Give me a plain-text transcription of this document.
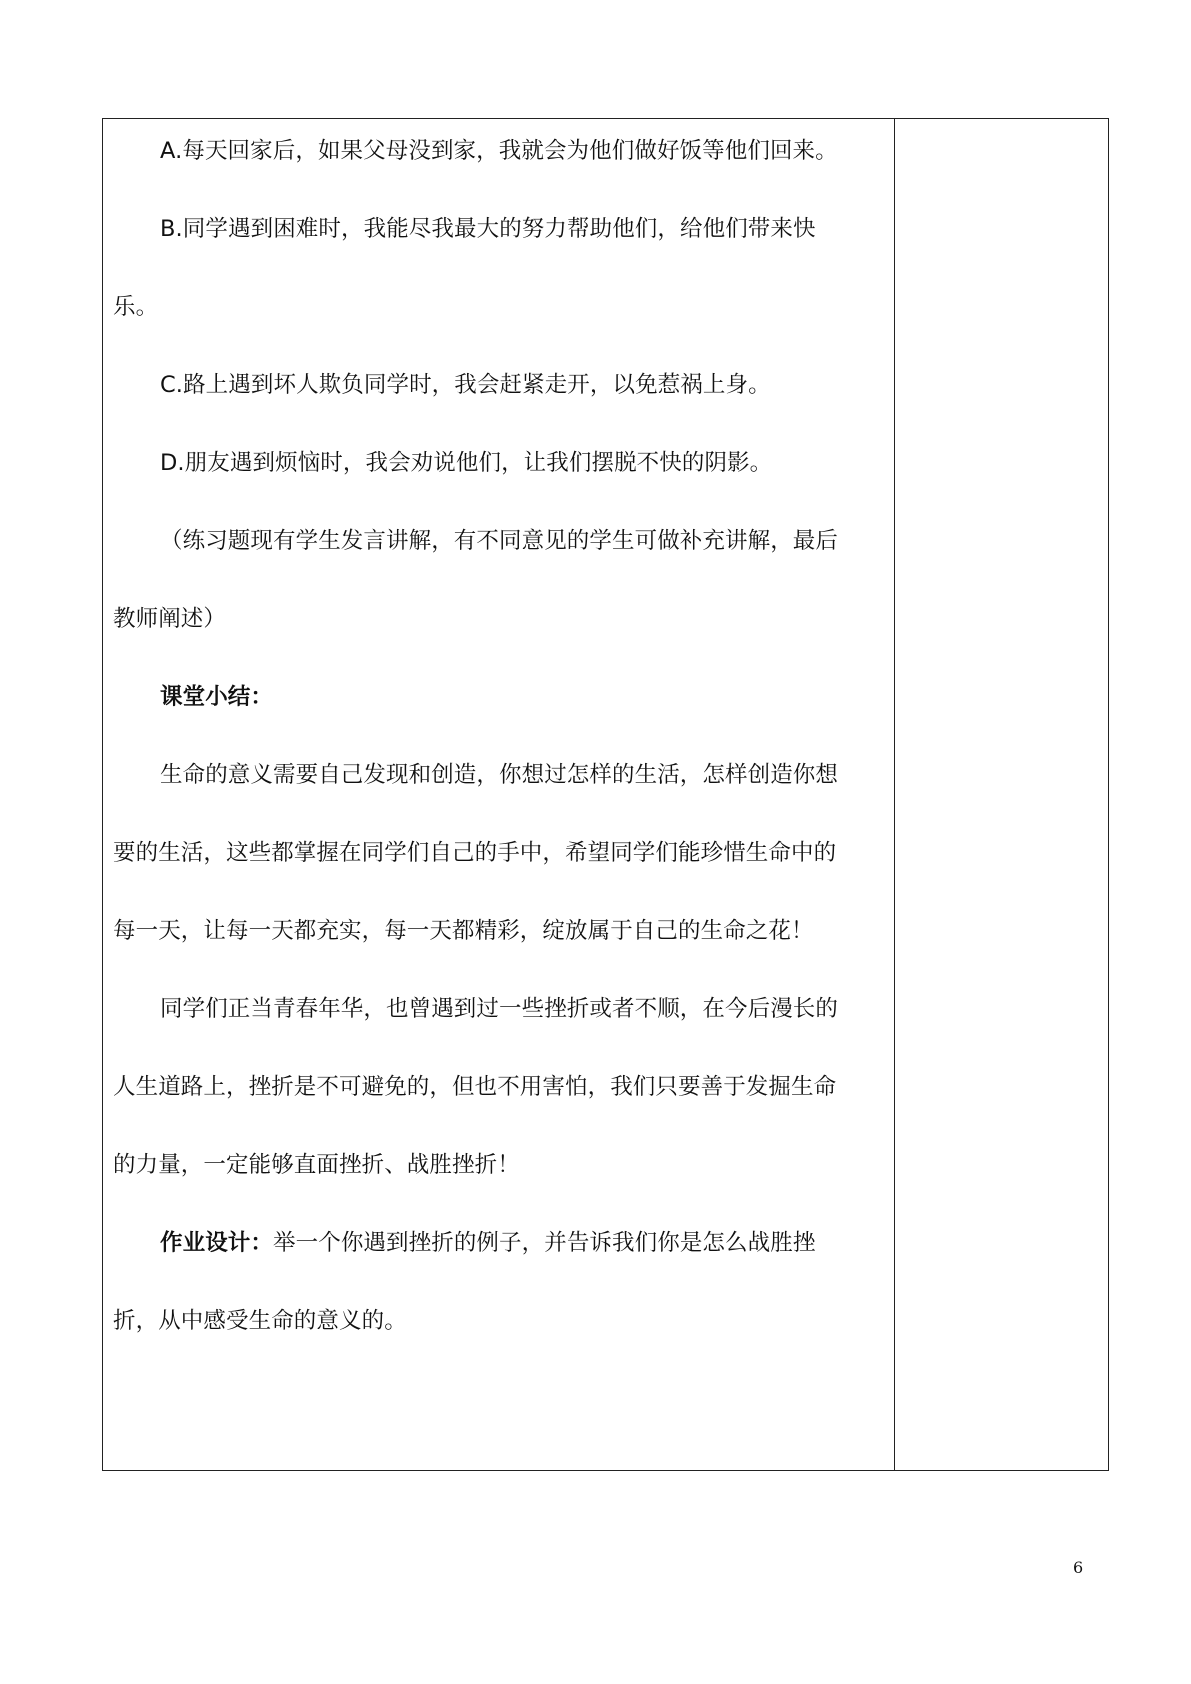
A.每天回家后，如果父母没到家，我就会为他们做好饭等他们回来。
B.同学遇到困难时，我能尽我最大的努力帮助他们，给他们带来快
乐。
C.路上遇到坏人欺负同学时，我会赶紧走开，以免惹祸上身。
D.朋友遇到烦恼时，我会劝说他们，让我们摆脱不快的阴影。
（练习题现有学生发言讲解，有不同意见的学生可做补充讲解，最后
教师阐述）
课堂小结：
生命的意义需要自己发现和创造，你想过怎样的生活，怎样创造你想
要的生活，这些都掌握在同学们自己的手中，希望同学们能珍惜生命中的
每一天，让每一天都充实，每一天都精彩，绽放属于自己的生命之花！
同学们正当青春年华，也曾遇到过一些挫折或者不顺，在今后漫长的
人生道路上，挫折是不可避免的，但也不用害怕，我们只要善于发掘生命
的力量，一定能够直面挫折、战胜挫折！
作业设计：举一个你遇到挫折的例子，并告诉我们你是怎么战胜挫
折，从中感受生命的意义的。
6
